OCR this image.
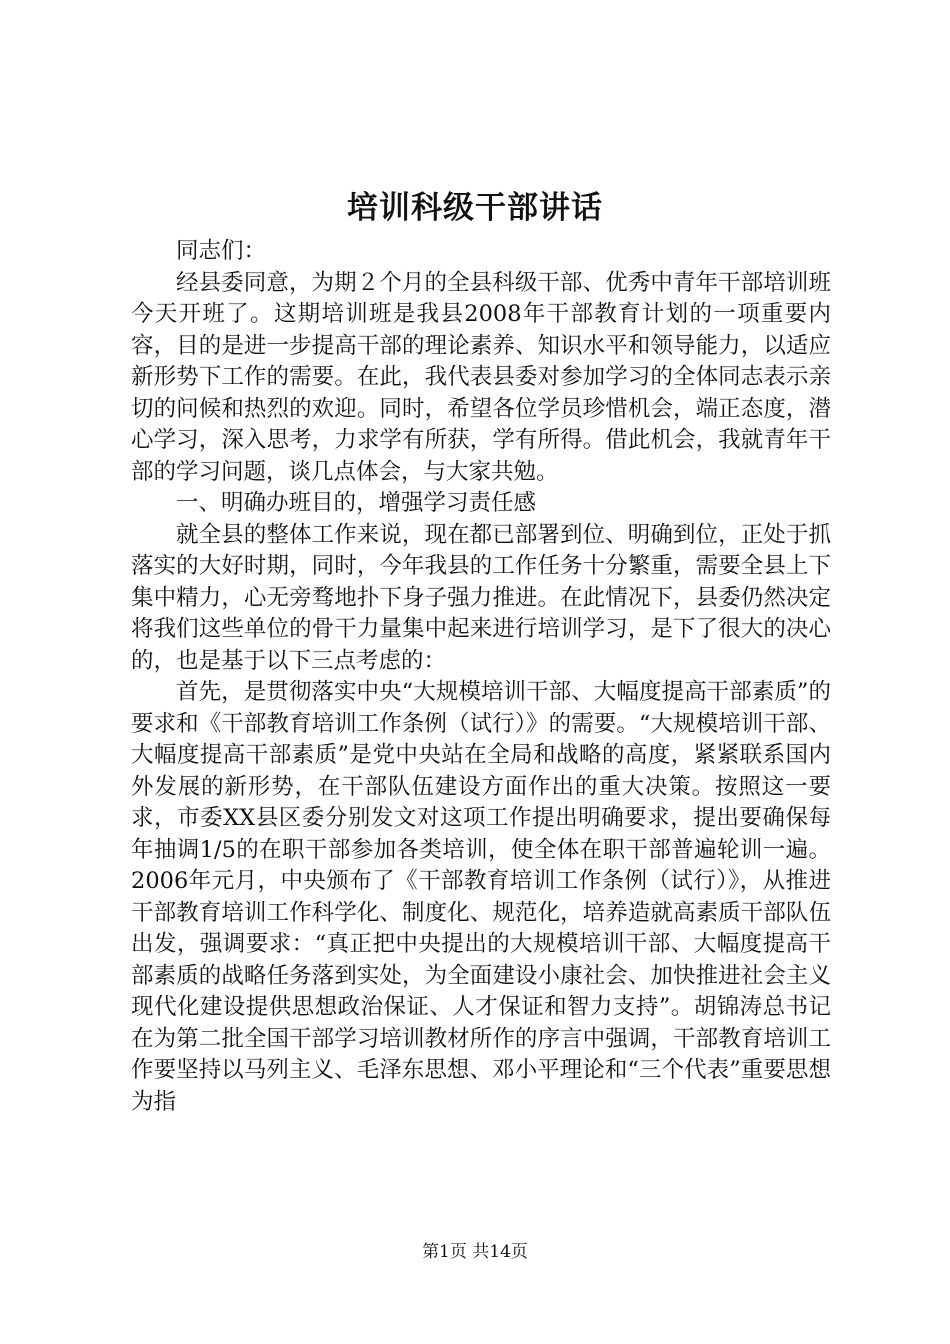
培训科级干部讲话

同志们：

经县委同意，为期２个月的全县科级干部、优秀中青年干部培训班今天开班了。这期培训班是我县2008年干部教育计划的一项重要内容，目的是进一步提高干部的理论素养、知识水平和领导能力，以适应新形势下工作的需要。在此，我代表县委对参加学习的全体同志表示亲切的问候和热烈的欢迎。同时，希望各位学员珍惜机会，端正态度，潜心学习，深入思考，力求学有所获，学有所得。借此机会，我就青年干部的学习问题，谈几点体会，与大家共勉。

一、明确办班目的，增强学习责任感

就全县的整体工作来说，现在都已部署到位、明确到位，正处于抓落实的大好时期，同时，今年我县的工作任务十分繁重，需要全县上下集中精力，心无旁骛地扑下身子强力推进。在此情况下，县委仍然决定将我们这些单位的骨干力量集中起来进行培训学习，是下了很大的决心的，也是基于以下三点考虑的：

首先，是贯彻落实中央“大规模培训干部、大幅度提高干部素质”的要求和《干部教育培训工作条例（试行）》的需要。“大规模培训干部、大幅度提高干部素质”是党中央站在全局和战略的高度，紧紧联系国内外发展的新形势，在干部队伍建设方面作出的重大决策。按照这一要求，市委XX县区委分别发文对这项工作提出明确要求，提出要确保每年抽调1/5的在职干部参加各类培训，使全体在职干部普遍轮训一遍。2006年元月，中央颁布了《干部教育培训工作条例（试行）》，从推进干部教育培训工作科学化、制度化、规范化，培养造就高素质干部队伍出发，强调要求：“真正把中央提出的大规模培训干部、大幅度提高干部素质的战略任务落到实处，为全面建设小康社会、加快推进社会主义现代化建设提供思想政治保证、人才保证和智力支持”。胡锦涛总书记在为第二批全国干部学习培训教材所作的序言中强调，干部教育培训工作要坚持以马列主义、毛泽东思想、邓小平理论和“三个代表”重要思想为指

第1页 共14页
